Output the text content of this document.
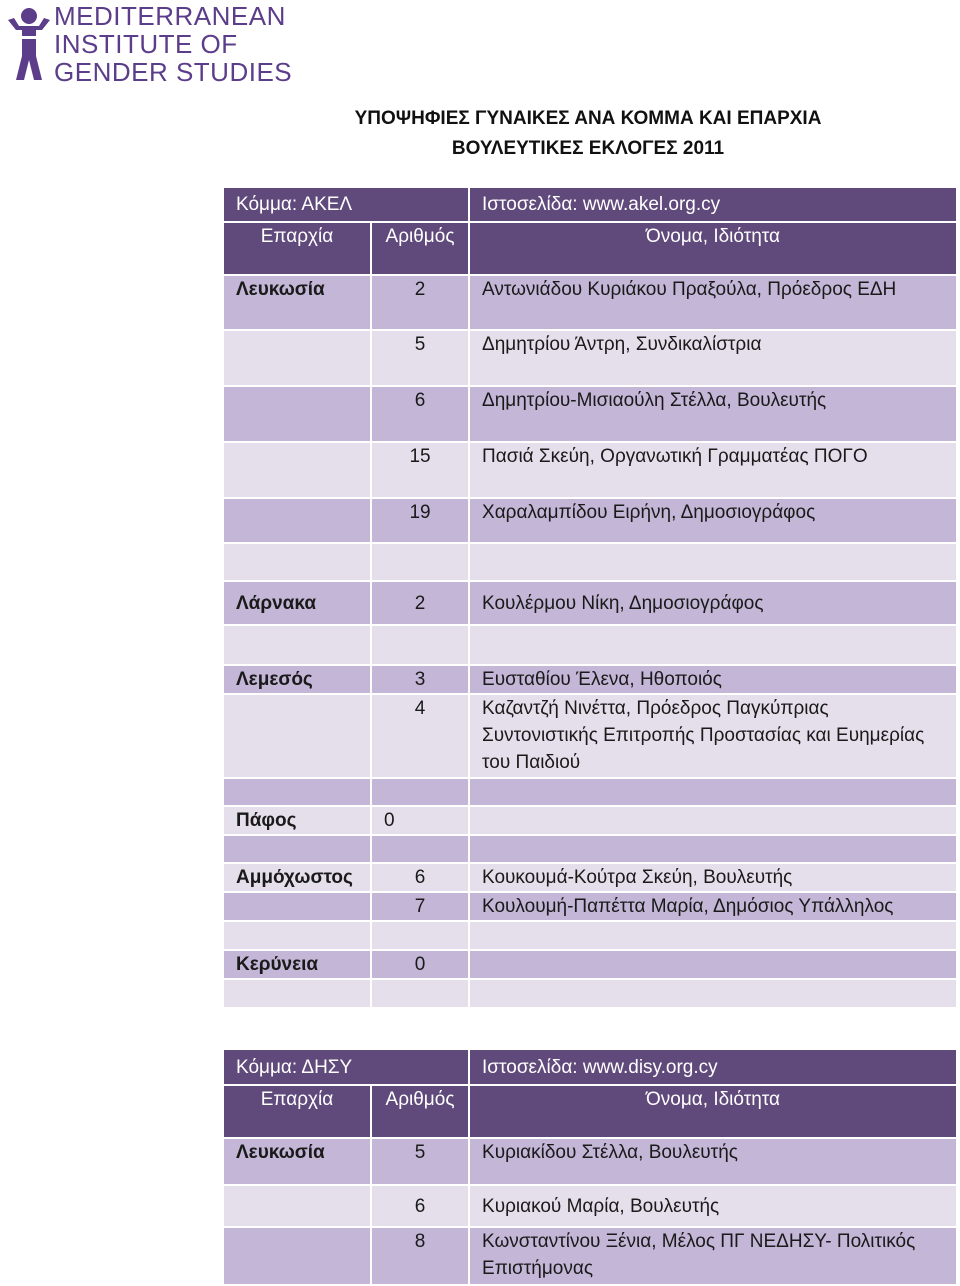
MEDITERRANEAN
INSTITUTE OF
GENDER STUDIES
ΥΠΟΨΗΦΙΕΣ ΓΥΝΑΙΚΕΣ ΑΝΑ ΚΟΜΜΑ ΚΑΙ ΕΠΑΡΧΙΑ
ΒΟΥΛΕΥΤΙΚΕΣ ΕΚΛΟΓΕΣ 2011
Κόμμα: ΑΚΕΛ		Ιστοσελίδα: www.akel.org.cy
Επαρχία	Αριθμός	Όνομα, Ιδιότητα
Λευκωσία	2	Αντωνιάδου Κυριάκου Πραξούλα, Πρόεδρος ΕΔΗ
	5	Δημητρίου Άντρη, Συνδικαλίστρια
	6	Δημητρίου-Μισιαούλη Στέλλα, Βουλευτής
	15	Πασιά Σκεύη, Οργανωτική Γραμματέας ΠΟΓΟ
	19	Χαραλαμπίδου Ειρήνη, Δημοσιογράφος

Λάρνακα	2	Κουλέρμου Νίκη, Δημοσιογράφος

Λεμεσός	3	Ευσταθίου Έλενα, Ηθοποιός
	4	Καζαντζή Νινέττα, Πρόεδρος Παγκύπριας Συντονιστικής Επιτροπής Προστασίας και Ευημερίας του Παιδιού

Πάφος	0	

Αμμόχωστος	6	Κουκουμά-Κούτρα Σκεύη, Βουλευτής
	7	Κουλουμή-Παπέττα Μαρία, Δημόσιος Υπάλληλος

Κερύνεια	0	

Κόμμα: ΔΗΣΥ		Ιστοσελίδα: www.disy.org.cy
Επαρχία	Αριθμός	Όνομα, Ιδιότητα
Λευκωσία	5	Κυριακίδου Στέλλα, Βουλευτής
	6	Κυριακού Μαρία, Βουλευτής
	8	Κωνσταντίνου Ξένια, Μέλος ΠΓ ΝΕΔΗΣΥ- Πολιτικός Επιστήμονας
